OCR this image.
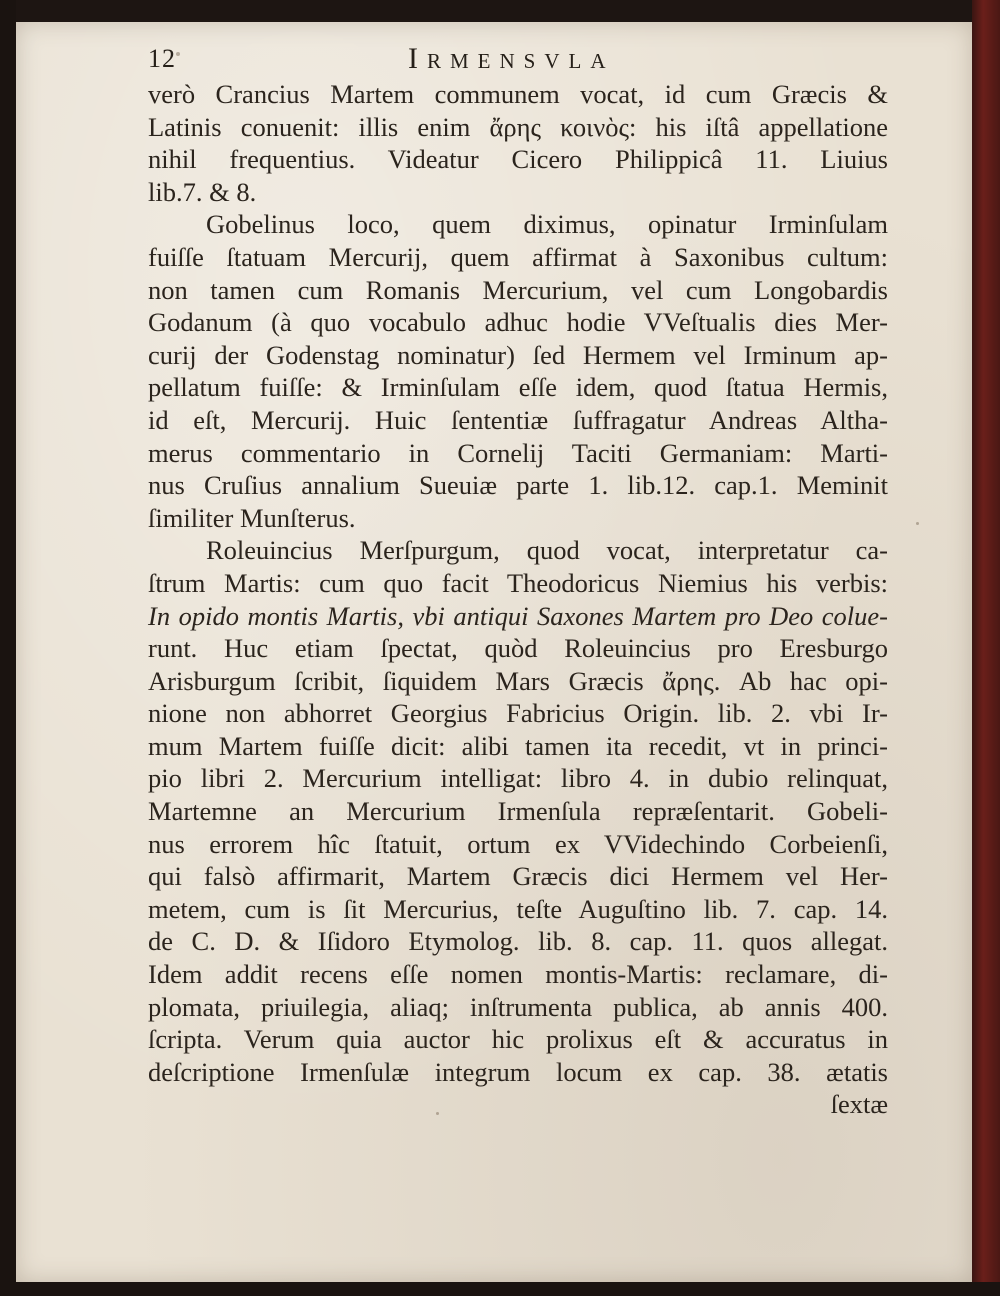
12	Irmensvla
verò Crancius Martem communem vocat, id cum Græcis &
Latinis conuenit: illis enim ἄρης κοινὸς: his iſtâ appellatione
nihil frequentius. Videatur Cicero Philippicâ 11. Liuius
lib.7. & 8.
Gobelinus loco, quem diximus, opinatur Irminſulam
fuiſſe ſtatuam Mercurij, quem affirmat à Saxonibus cultum:
non tamen cum Romanis Mercurium, vel cum Longobardis
Godanum (à quo vocabulo adhuc hodie VVeſtualis dies Mer-
curij der Godenstag nominatur) ſed Hermem vel Irminum ap-
pellatum fuiſſe: & Irminſulam eſſe idem, quod ſtatua Hermis,
id eſt, Mercurij. Huic ſententiæ ſuffragatur Andreas Altha-
merus commentario in Cornelij Taciti Germaniam: Marti-
nus Cruſius annalium Sueuiæ parte 1. lib.12. cap.1. Meminit
ſimiliter Munſterus.
Roleuincius Merſpurgum, quod vocat, interpretatur ca-
ſtrum Martis: cum quo facit Theodoricus Niemius his verbis:
In opido montis Martis, vbi antiqui Saxones Martem pro Deo colue-
runt. Huc etiam ſpectat, quòd Roleuincius pro Eresburgo
Arisburgum ſcribit, ſiquidem Mars Græcis ἄρης. Ab hac opi-
nione non abhorret Georgius Fabricius Origin. lib. 2. vbi Ir-
mum Martem fuiſſe dicit: alibi tamen ita recedit, vt in princi-
pio libri 2. Mercurium intelligat: libro 4. in dubio relinquat,
Martemne an Mercurium Irmenſula repræſentarit. Gobeli-
nus errorem hîc ſtatuit, ortum ex VVidechindo Corbeienſi,
qui falsò affirmarit, Martem Græcis dici Hermem vel Her-
metem, cum is ſit Mercurius, teſte Auguſtino lib. 7. cap. 14.
de C. D. & Iſidoro Etymolog. lib. 8. cap. 11. quos allegat.
Idem addit recens eſſe nomen montis-Martis: reclamare, di-
plomata, priuilegia, aliaq; inſtrumenta publica, ab annis 400.
ſcripta. Verum quia auctor hic prolixus eſt & accuratus in
deſcriptione Irmenſulæ integrum locum ex cap. 38. ætatis
ſextæ
